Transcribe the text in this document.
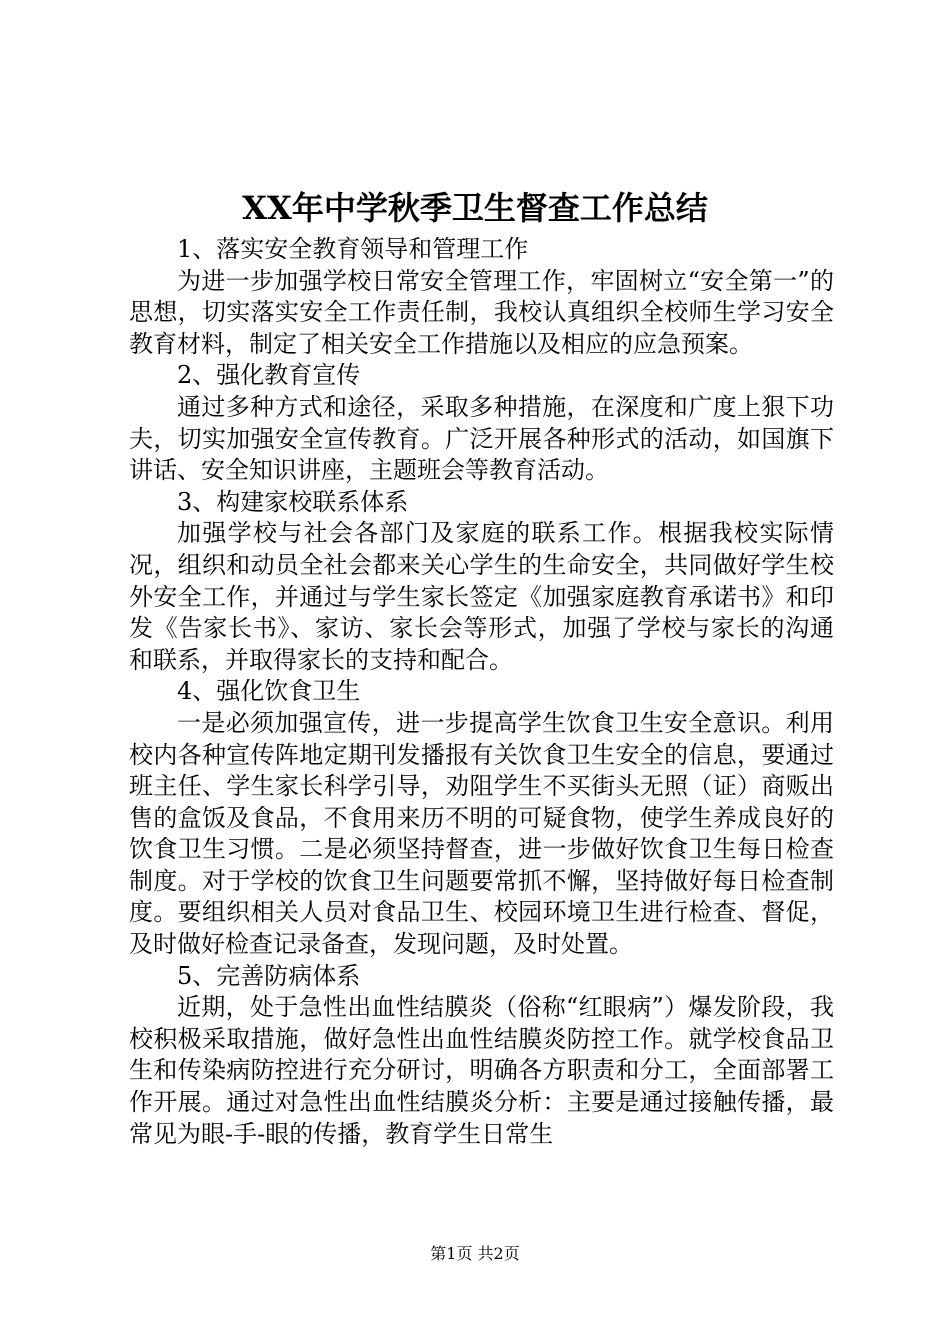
XX年中学秋季卫生督查工作总结

1、落实安全教育领导和管理工作

为进一步加强学校日常安全管理工作，牢固树立“安全第一”的思想，切实落实安全工作责任制，我校认真组织全校师生学习安全教育材料，制定了相关安全工作措施以及相应的应急预案。

2、强化教育宣传

通过多种方式和途径，采取多种措施，在深度和广度上狠下功夫，切实加强安全宣传教育。广泛开展各种形式的活动，如国旗下讲话、安全知识讲座，主题班会等教育活动。

3、构建家校联系体系

加强学校与社会各部门及家庭的联系工作。根据我校实际情况，组织和动员全社会都来关心学生的生命安全，共同做好学生校外安全工作，并通过与学生家长签定《加强家庭教育承诺书》和印发《告家长书》、家访、家长会等形式，加强了学校与家长的沟通和联系，并取得家长的支持和配合。

4、强化饮食卫生

一是必须加强宣传，进一步提高学生饮食卫生安全意识。利用校内各种宣传阵地定期刊发播报有关饮食卫生安全的信息，要通过班主任、学生家长科学引导，劝阻学生不买街头无照（证）商贩出售的盒饭及食品，不食用来历不明的可疑食物，使学生养成良好的饮食卫生习惯。二是必须坚持督查，进一步做好饮食卫生每日检查制度。对于学校的饮食卫生问题要常抓不懈，坚持做好每日检查制度。要组织相关人员对食品卫生、校园环境卫生进行检查、督促，及时做好检查记录备查，发现问题，及时处置。

5、完善防病体系

近期，处于急性出血性结膜炎（俗称“红眼病”）爆发阶段，我校积极采取措施，做好急性出血性结膜炎防控工作。就学校食品卫生和传染病防控进行充分研讨，明确各方职责和分工，全面部署工作开展。通过对急性出血性结膜炎分析：主要是通过接触传播，最常见为眼-手-眼的传播，教育学生日常生

第1页 共2页
